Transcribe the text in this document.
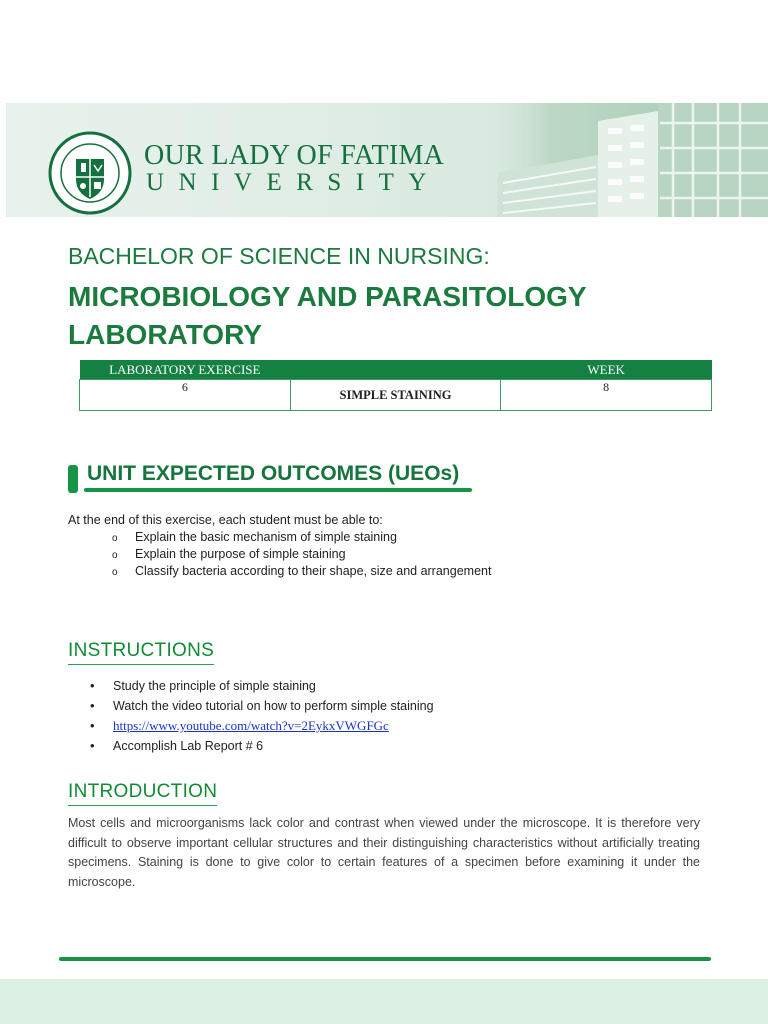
OUR LADY OF FATIMA
UNIVERSITY
BACHELOR OF SCIENCE IN NURSING:
MICROBIOLOGY AND PARASITOLOGY LABORATORY
LABORATORY EXERCISE		WEEK
6	SIMPLE STAINING	8
UNIT EXPECTED OUTCOMES (UEOs)
At the end of this exercise, each student must be able to:
o Explain the basic mechanism of simple staining
o Explain the purpose of simple staining
o Classify bacteria according to their shape, size and arrangement
INSTRUCTIONS
• Study the principle of simple staining
• Watch the video tutorial on how to perform simple staining
• https://www.youtube.com/watch?v=2EykxVWGFGc
• Accomplish Lab Report # 6
INTRODUCTION

Most cells and microorganisms lack color and contrast when viewed under the microscope. It is therefore very difficult to observe important cellular structures and their distinguishing characteristics without artificially treating specimens. Staining is done to give color to certain features of a specimen before examining it under the microscope.
